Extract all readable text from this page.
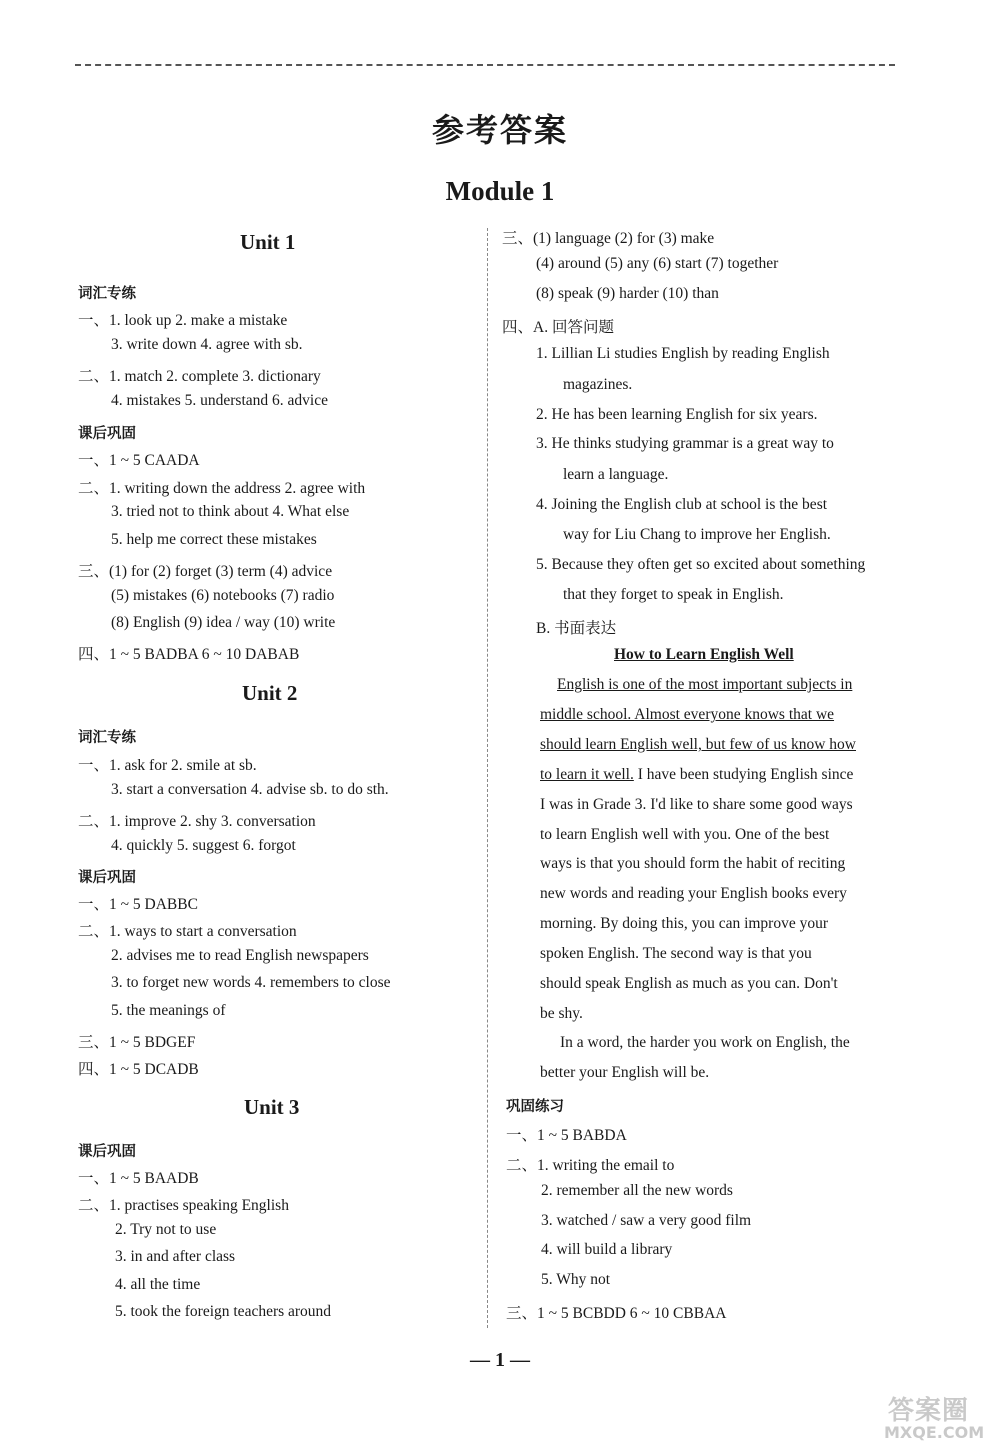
参考答案
Module 1
Unit 1
词汇专练
一、1. look up 2. make a mistake
3. write down 4. agree with sb.
二、1. match 2. complete 3. dictionary
4. mistakes 5. understand 6. advice
课后巩固
一、1 ~ 5 CAADA
二、1. writing down the address 2. agree with
3. tried not to think about 4. What else
5. help me correct these mistakes
三、(1) for (2) forget (3) term (4) advice
(5) mistakes (6) notebooks (7) radio
(8) English (9) idea / way (10) write
四、1 ~ 5 BADBA 6 ~ 10 DABAB
Unit 2
词汇专练
一、1. ask for 2. smile at sb.
3. start a conversation 4. advise sb. to do sth.
二、1. improve 2. shy 3. conversation
4. quickly 5. suggest 6. forgot
课后巩固
一、1 ~ 5 DABBC
二、1. ways to start a conversation
2. advises me to read English newspapers
3. to forget new words 4. remembers to close
5. the meanings of
三、1 ~ 5 BDGEF
四、1 ~ 5 DCADB
Unit 3
课后巩固
一、1 ~ 5 BAADB
二、1. practises speaking English
2. Try not to use
3. in and after class
4. all the time
5. took the foreign teachers around
三、(1) language (2) for (3) make
(4) around (5) any (6) start (7) together
(8) speak (9) harder (10) than
四、A. 回答问题
1. Lillian Li studies English by reading English
magazines.
2. He has been learning English for six years.
3. He thinks studying grammar is a great way to
learn a language.
4. Joining the English club at school is the best
way for Liu Chang to improve her English.
5. Because they often get so excited about something
that they forget to speak in English.
B. 书面表达
How to Learn English Well
English is one of the most important subjects in
middle school. Almost everyone knows that we
should learn English well, but few of us know how
to learn it well. I have been studying English since
I was in Grade 3. I'd like to share some good ways
to learn English well with you. One of the best
ways is that you should form the habit of reciting
new words and reading your English books every
morning. By doing this, you can improve your
spoken English. The second way is that you
should speak English as much as you can. Don't
be shy.
In a word, the harder you work on English, the
better your English will be.
巩固练习
一、1 ~ 5 BABDA
二、1. writing the email to
2. remember all the new words
3. watched / saw a very good film
4. will build a library
5. Why not
三、1 ~ 5 BCBDD 6 ~ 10 CBBAA
— 1 —
答案圈
MXQE.COM
